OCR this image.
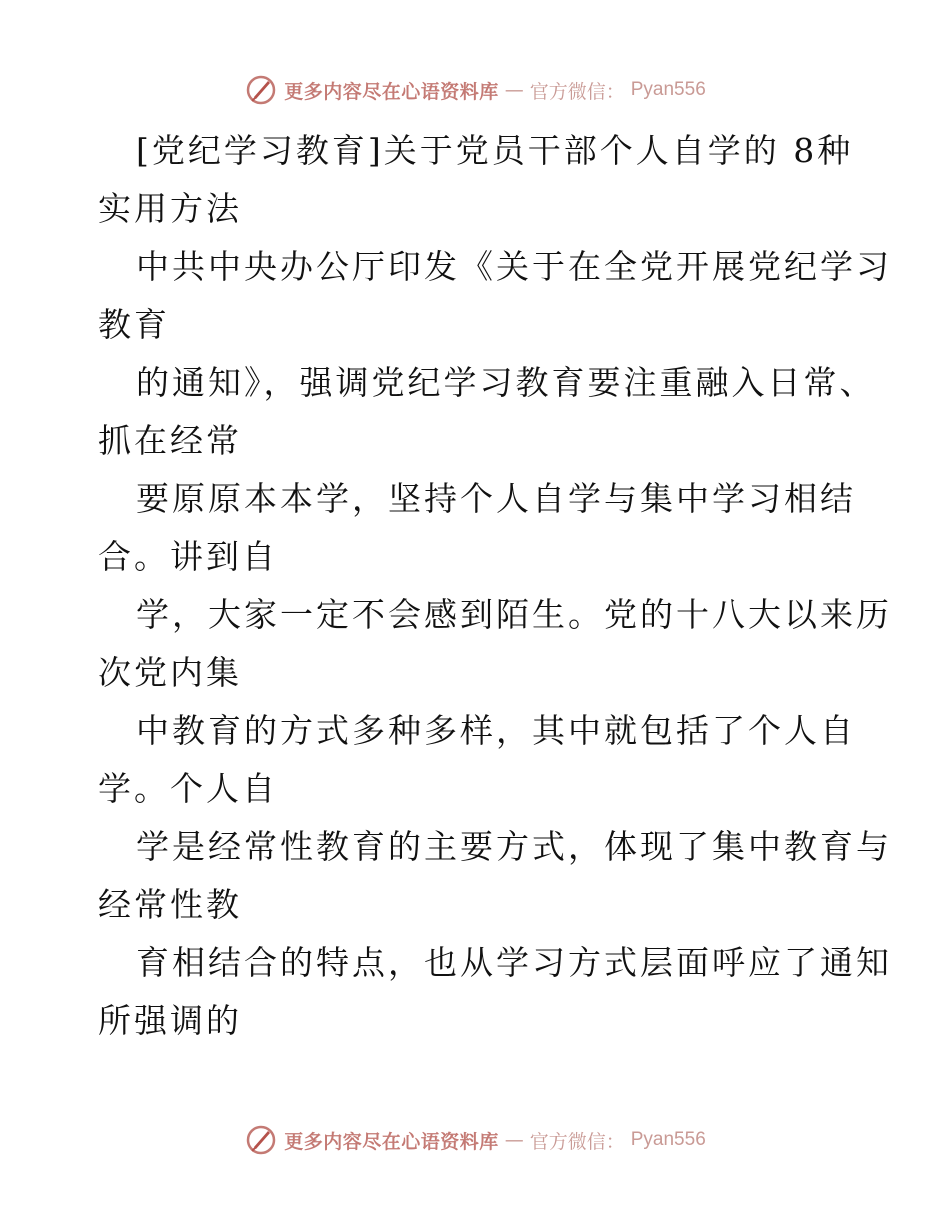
更多内容尽在心语资料库 — 官方微信： Pyan556
[党纪学习教育]关于党员干部个人自学的 8种
实用方法
中共中央办公厅印发《关于在全党开展党纪学习
教育
的通知》，强调党纪学习教育要注重融入日常、
抓在经常
要原原本本学，坚持个人自学与集中学习相结
合。讲到自
学，大家一定不会感到陌生。党的十八大以来历
次党内集
中教育的方式多种多样，其中就包括了个人自
学。个人自
学是经常性教育的主要方式，体现了集中教育与
经常性教
育相结合的特点，也从学习方式层面呼应了通知
所强调的
更多内容尽在心语资料库 — 官方微信： Pyan556
